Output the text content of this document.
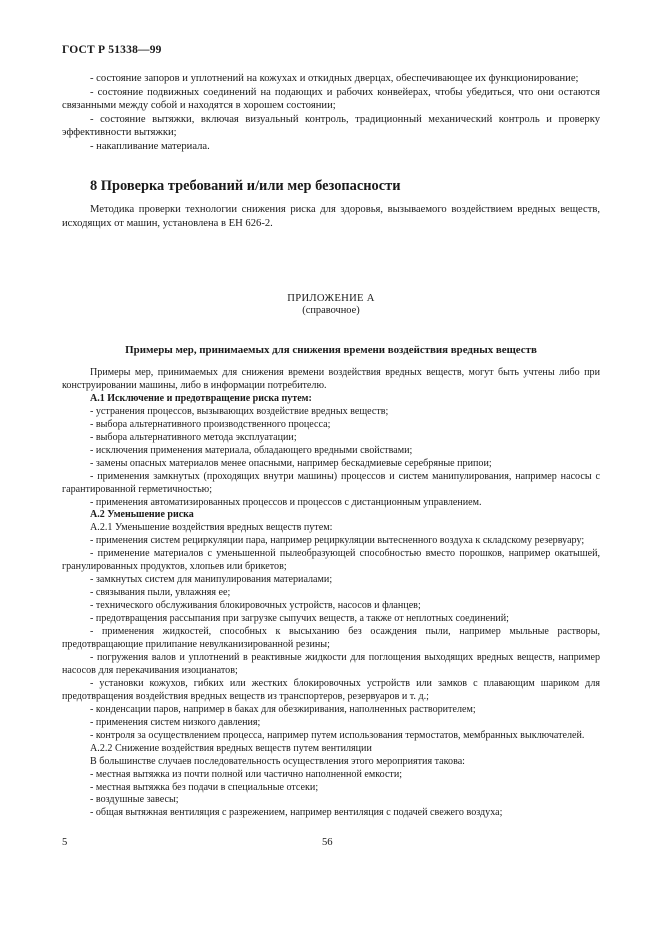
ГОСТ Р 51338—99

- состояние запоров и уплотнений на кожухах и откидных дверцах, обеспечивающее их функционирование;

- состояние подвижных соединений на подающих и рабочих конвейерах, чтобы убедиться, что они остаются связанными между собой и находятся в хорошем состоянии;

- состояние вытяжки, включая визуальный контроль, традиционный механический контроль и проверку эффективности вытяжки;

- накапливание материала.

8 Проверка требований и/или мер безопасности

Методика проверки технологии снижения риска для здоровья, вызываемого воздействием вредных веществ, исходящих от машин, установлена в ЕН 626-2.

ПРИЛОЖЕНИЕ А
(справочное)
Примеры мер, принимаемых для снижения времени воздействия вредных веществ

Примеры мер, принимаемых для снижения времени воздействия вредных веществ, могут быть учтены либо при конструировании машины, либо в информации потребителю.

А.1 Исключение и предотвращение риска путем:

- устранения процессов, вызывающих воздействие вредных веществ;

- выбора альтернативного производственного процесса;

- выбора альтернативного метода эксплуатации;

- исключения применения материала, обладающего вредными свойствами;

- замены опасных материалов менее опасными, например бескадмиевые серебряные припои;

- применения замкнутых (проходящих внутри машины) процессов и систем манипулирования, например насосы с гарантированной герметичностью;

- применения автоматизированных процессов и процессов с дистанционным управлением.

А.2 Уменьшение риска

А.2.1 Уменьшение воздействия вредных веществ путем:

- применения систем рециркуляции пара, например рециркуляции вытесненного воздуха к складскому резервуару;

- применение материалов с уменьшенной пылеобразующей способностью вместо порошков, например окатышей, гранулированных продуктов, хлопьев или брикетов;

- замкнутых систем для манипулирования материалами;

- связывания пыли, увлажняя ее;

- технического обслуживания блокировочных устройств, насосов и фланцев;

- предотвращения рассыпания при загрузке сыпучих веществ, а также от неплотных соединений;

- применения жидкостей, способных к высыханию без осаждения пыли, например мыльные растворы, предотвращающие прилипание невулканизированной резины;

- погружения валов и уплотнений в реактивные жидкости для поглощения выходящих вредных веществ, например насосов для перекачивания изоцианатов;

- установки кожухов, гибких или жестких блокировочных устройств или замков с плавающим шариком для предотвращения воздействия вредных веществ из транспортеров, резервуаров и т. д.;

- конденсации паров, например в баках для обезжиривания, наполненных растворителем;

- применения систем низкого давления;

- контроля за осуществлением процесса, например путем использования термостатов, мембранных выключателей.

А.2.2 Снижение воздействия вредных веществ путем вентиляции

В большинстве случаев последовательность осуществления этого мероприятия такова:

- местная вытяжка из почти полной или частично наполненной емкости;

- местная вытяжка без подачи в специальные отсеки;

- воздушные завесы;

- общая вытяжная вентиляция с разрежением, например вентиляция с подачей свежего воздуха;

5	56
